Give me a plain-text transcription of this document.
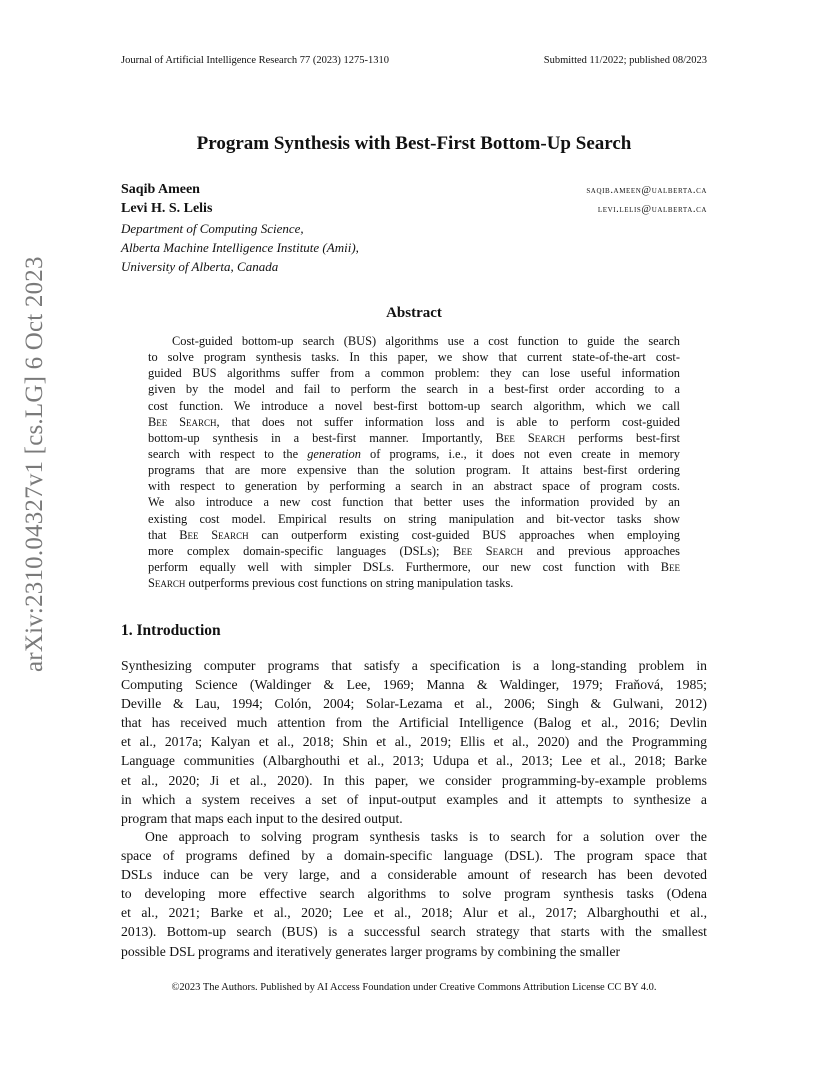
Journal of Artificial Intelligence Research 77 (2023) 1275-1310	Submitted 11/2022; published 08/2023
arXiv:2310.04327v1 [cs.LG] 6 Oct 2023
Program Synthesis with Best-First Bottom-Up Search
Saqib Ameen	saqib.ameen@ualberta.ca
Levi H. S. Lelis	levi.lelis@ualberta.ca
Department of Computing Science,
Alberta Machine Intelligence Institute (Amii),
University of Alberta, Canada
Abstract
Cost-guided bottom-up search (BUS) algorithms use a cost function to guide the search
to solve program synthesis tasks. In this paper, we show that current state-of-the-art cost-
guided BUS algorithms suffer from a common problem: they can lose useful information
given by the model and fail to perform the search in a best-first order according to a
cost function. We introduce a novel best-first bottom-up search algorithm, which we call
Bee Search, that does not suffer information loss and is able to perform cost-guided
bottom-up synthesis in a best-first manner. Importantly, Bee Search performs best-first
search with respect to the generation of programs, i.e., it does not even create in memory
programs that are more expensive than the solution program. It attains best-first ordering
with respect to generation by performing a search in an abstract space of program costs.
We also introduce a new cost function that better uses the information provided by an
existing cost model. Empirical results on string manipulation and bit-vector tasks show
that Bee Search can outperform existing cost-guided BUS approaches when employing
more complex domain-specific languages (DSLs); Bee Search and previous approaches
perform equally well with simpler DSLs. Furthermore, our new cost function with Bee
Search outperforms previous cost functions on string manipulation tasks.
1. Introduction
Synthesizing computer programs that satisfy a specification is a long-standing problem in
Computing Science (Waldinger & Lee, 1969; Manna & Waldinger, 1979; Fraňová, 1985;
Deville & Lau, 1994; Colón, 2004; Solar-Lezama et al., 2006; Singh & Gulwani, 2012)
that has received much attention from the Artificial Intelligence (Balog et al., 2016; Devlin
et al., 2017a; Kalyan et al., 2018; Shin et al., 2019; Ellis et al., 2020) and the Programming
Language communities (Albarghouthi et al., 2013; Udupa et al., 2013; Lee et al., 2018; Barke
et al., 2020; Ji et al., 2020). In this paper, we consider programming-by-example problems
in which a system receives a set of input-output examples and it attempts to synthesize a
program that maps each input to the desired output.
One approach to solving program synthesis tasks is to search for a solution over the
space of programs defined by a domain-specific language (DSL). The program space that
DSLs induce can be very large, and a considerable amount of research has been devoted
to developing more effective search algorithms to solve program synthesis tasks (Odena
et al., 2021; Barke et al., 2020; Lee et al., 2018; Alur et al., 2017; Albarghouthi et al.,
2013). Bottom-up search (BUS) is a successful search strategy that starts with the smallest
possible DSL programs and iteratively generates larger programs by combining the smaller
©2023 The Authors. Published by AI Access Foundation under Creative Commons Attribution License CC BY 4.0.
